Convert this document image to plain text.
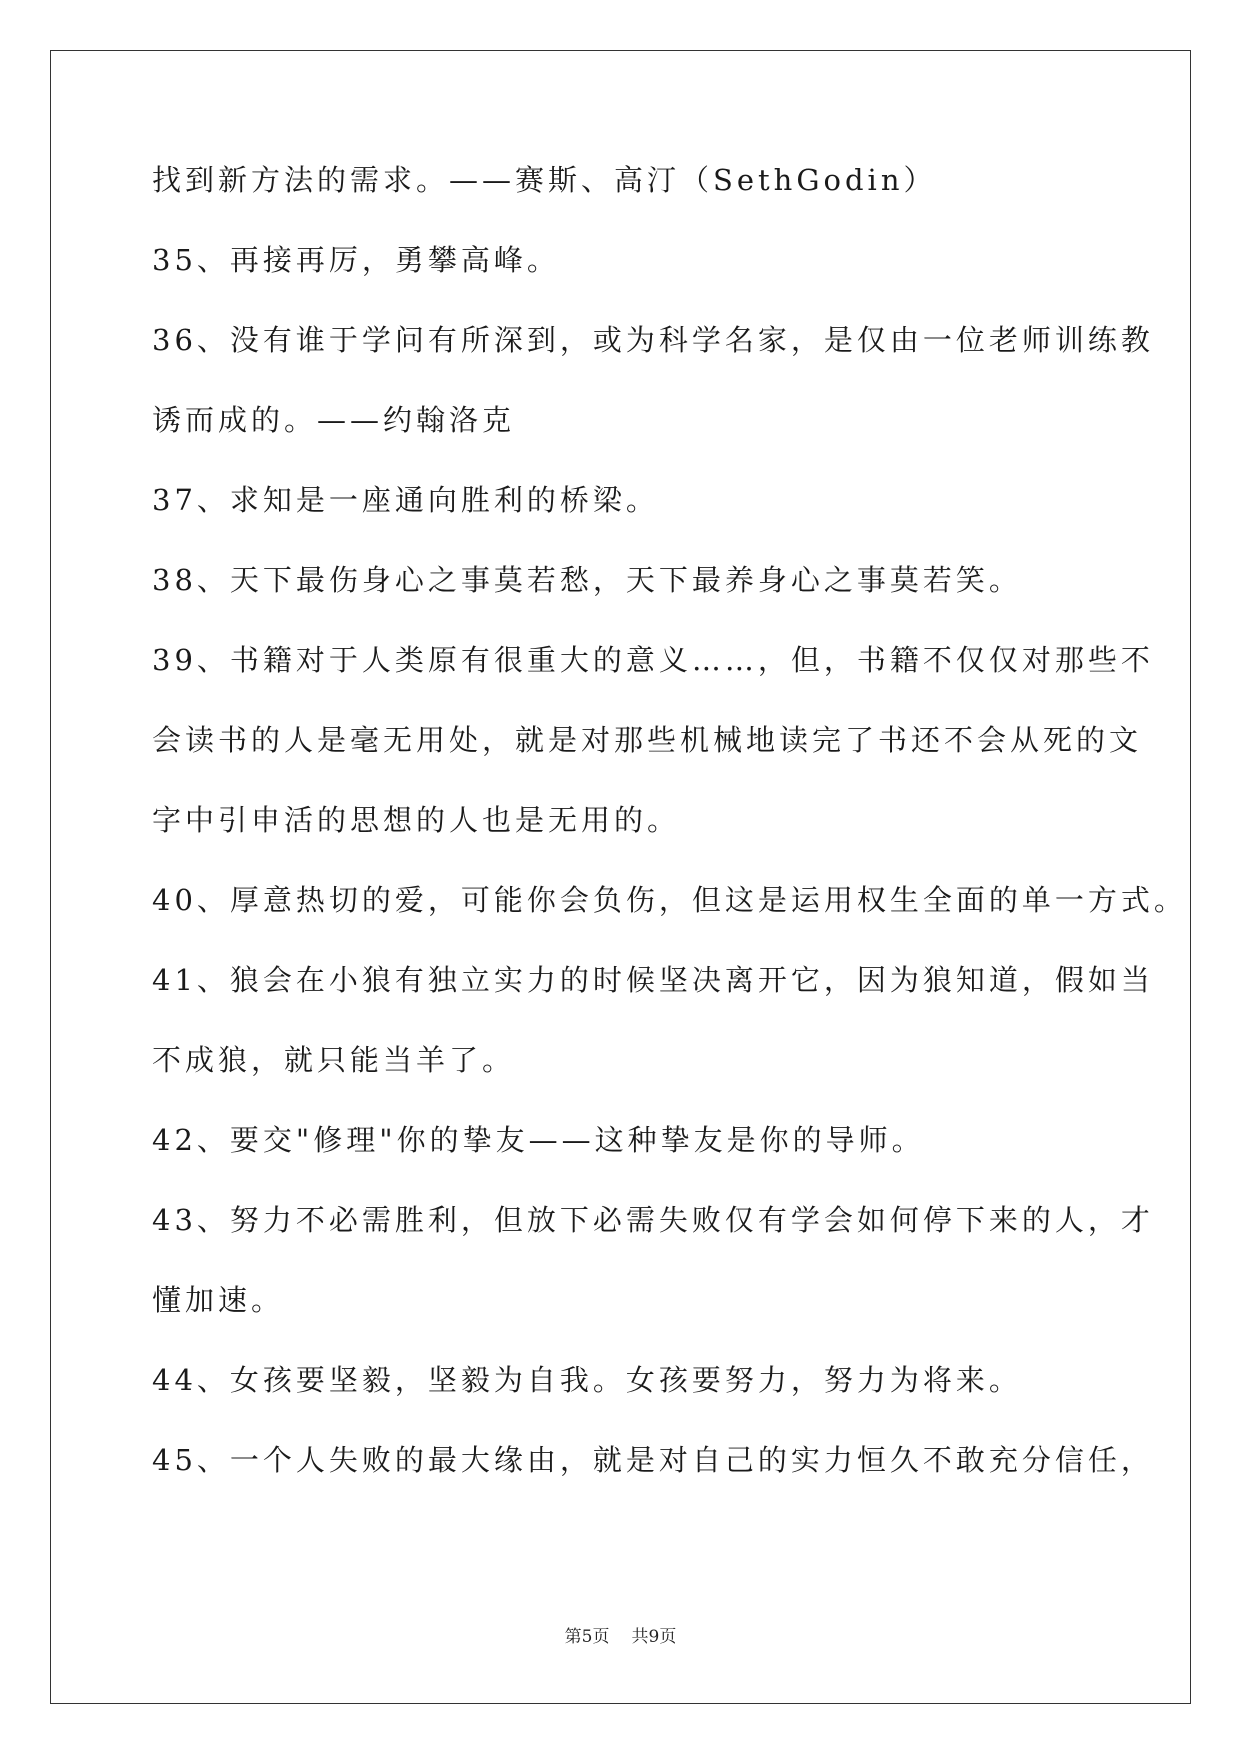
找到新方法的需求。——赛斯、高汀（SethGodin）
35、再接再厉，勇攀高峰。
36、没有谁于学问有所深到，或为科学名家，是仅由一位老师训练教
诱而成的。——约翰洛克
37、求知是一座通向胜利的桥梁。
38、天下最伤身心之事莫若愁，天下最养身心之事莫若笑。
39、书籍对于人类原有很重大的意义……，但，书籍不仅仅对那些不
会读书的人是毫无用处，就是对那些机械地读完了书还不会从死的文
字中引申活的思想的人也是无用的。
40、厚意热切的爱，可能你会负伤，但这是运用权生全面的单一方式。
41、狼会在小狼有独立实力的时候坚决离开它，因为狼知道，假如当
不成狼，就只能当羊了。
42、要交"修理"你的挚友——这种挚友是你的导师。
43、努力不必需胜利，但放下必需失败仅有学会如何停下来的人，才
懂加速。
44、女孩要坚毅，坚毅为自我。女孩要努力，努力为将来。
45、一个人失败的最大缘由，就是对自己的实力恒久不敢充分信任，
第5页 共9页
